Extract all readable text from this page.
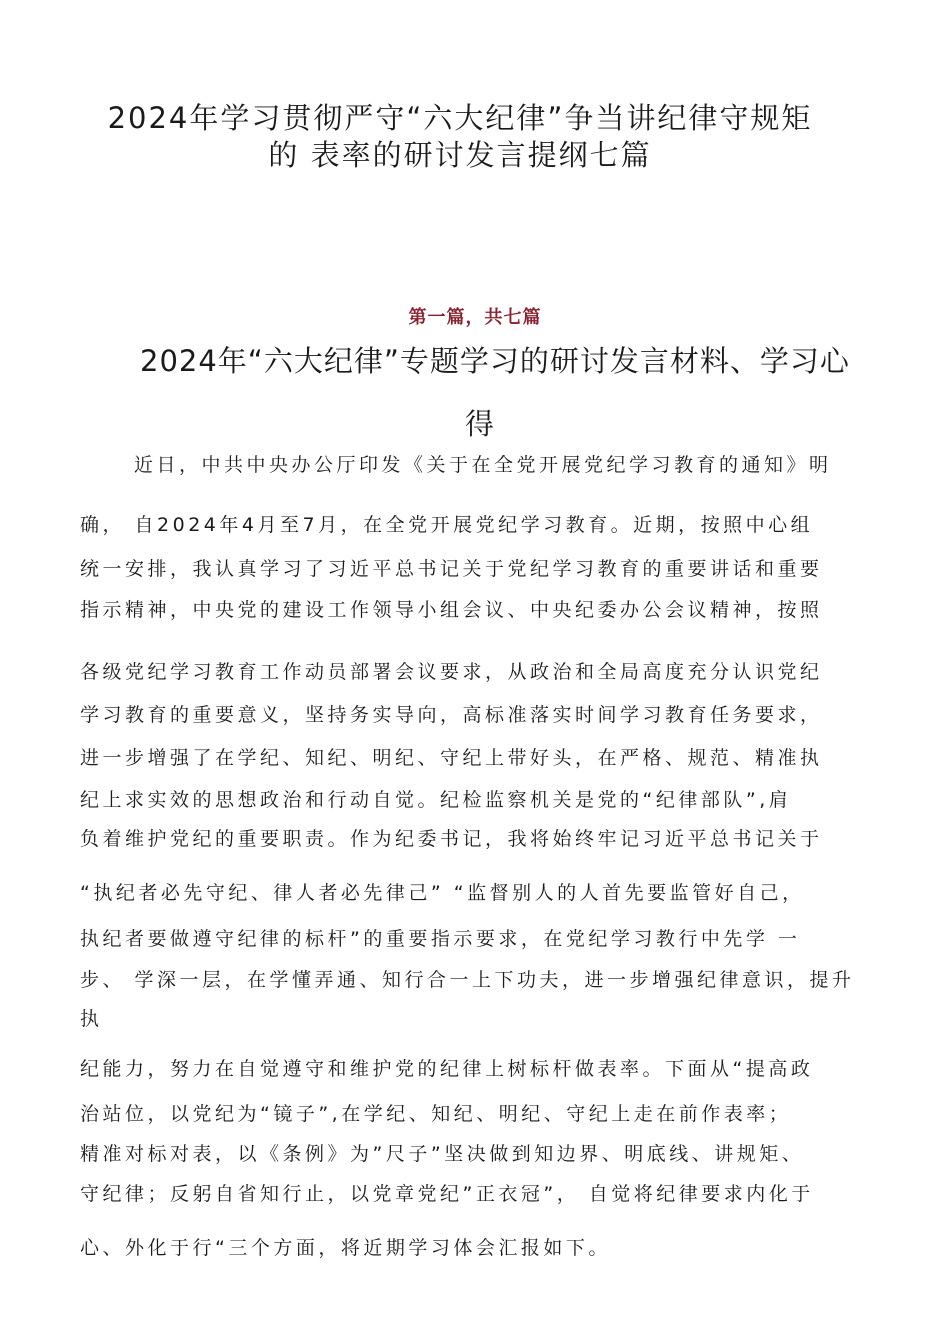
2024年学习贯彻严守“六大纪律”争当讲纪律守规矩
的 表率的研讨发言提纲七篇
第一篇，共七篇
2024年“六大纪律”专题学习的研讨发言材料、学习心
得
近日，中共中央办公厅印发《关于在全党开展党纪学习教育的通知》明
确， 自2024年4月至7月，在全党开展党纪学习教育。近期，按照中心组
统一安排，我认真学习了习近平总书记关于党纪学习教育的重要讲话和重要
指示精神，中央党的建设工作领导小组会议、中央纪委办公会议精神，按照
各级党纪学习教育工作动员部署会议要求，从政治和全局高度充分认识党纪
学习教育的重要意义，坚持务实导向，高标准落实时间学习教育任务要求，
进一步增强了在学纪、知纪、明纪、守纪上带好头，在严格、规范、精准执
纪上求实效的思想政治和行动自觉。纪检监察机关是党的“纪律部队”,肩
负着维护党纪的重要职责。作为纪委书记，我将始终牢记习近平总书记关于
“执纪者必先守纪、律人者必先律己” “监督别人的人首先要监管好自己，
执纪者要做遵守纪律的标杆”的重要指示要求，在党纪学习教行中先学 一
步、 学深一层，在学懂弄通、知行合一上下功夫，进一步增强纪律意识，提升
执
纪能力，努力在自觉遵守和维护党的纪律上树标杆做表率。下面从“提高政
治站位，以党纪为“镜子”,在学纪、知纪、明纪、守纪上走在前作表率；
精准对标对表，以《条例》为”尺子”坚决做到知边界、明底线、讲规矩、
守纪律；反躬自省知行止，以党章党纪”正衣冠”， 自觉将纪律要求内化于
心、外化于行“三个方面，将近期学习体会汇报如下。
